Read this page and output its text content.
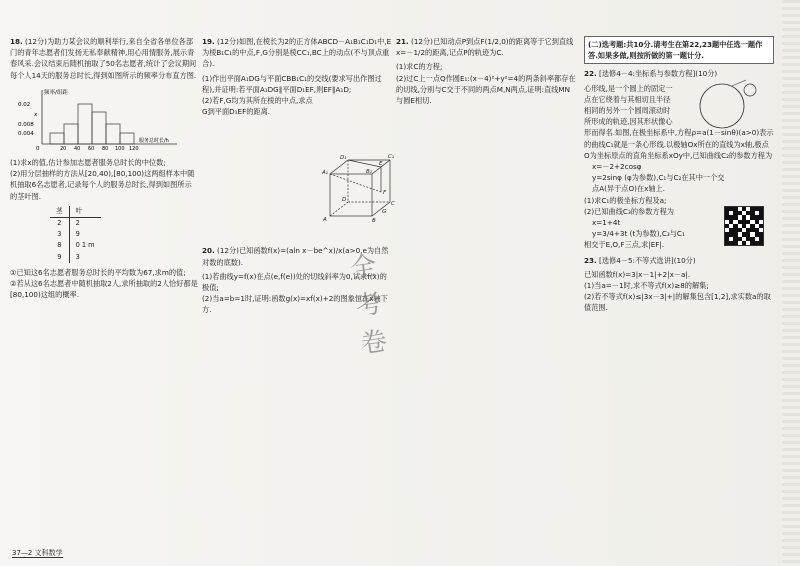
18. (12分)为助力某会议的顺利举行,来自全省各单位各部门的青年志愿者们发扬无私奉献精神,用心用情服务,展示青春风采.会议结束后随机抽取了50名志愿者,统计了会议期间每个人14天的服务总时长,得到如图所示的频率分布直方图.

频率/组距
0.02
0.008
0.004
x
0	20 40 60 80 100 120
服务总时长/h

(1)求x的值,估计参加志愿者服务总时长的中位数;

(2)用分层抽样的方法从[20,40),[80,100)这两组样本中随机抽取6名志愿者,记录每个人的服务总时长,得到如图所示的茎叶图.

茎	叶
2	2
3	9
8	0 1 m
9	3

①已知这6名志愿者服务总时长的平均数为67,求m的值;

②若从这6名志愿者中随机抽取2人,求所抽取的2人恰好都是[80,100)这组的概率.

19. (12分)如图,在棱长为2的正方体ABCD－A₁B₁C₁D₁中,E为棱B₁C₁的中点,F,G分别是棱CC₁,BC上的动点(不与顶点重合).

(1)作出平面A₁DG与平面CBB₁C₁的交线(要求写出作图过程),并证明:若平面A₁DG∥平面D₁EF,则EF∥A₁D;

(2)若F,G均为其所在棱的中点,求点G到平面D₁EF的距离.

20. (12分)已知函数f(x)=(aln x－be^x)/x(a>0,e为自然对数的底数).

(1)若曲线y=f(x)在点(e,f(e))处的切线斜率为0,试求f(x)的极值;

(2)当a=b=1时,证明:函数g(x)=xf(x)+2的图象恒在x轴下方.

D₁	C₁
A₁	B₁
D
C
A	B
E
F
G
全
考
卷

21. (12分)已知动点P到点F(1/2,0)的距离等于它到直线x=－1/2的距离,记点P的轨迹为C.

(1)求C的方程;

(2)过C上一点Q作圆E₁:(x－4)²+y²=4的两条斜率都存在的切线,分别与C交于不同的两点M,N两点,证明:直线MN与圆E相切.

(二)选考题:共10分.请考生在第22,23题中任选一题作答.如果多做,则按所做的第一题计分.

22. [选修4－4:坐标系与参数方程](10分)

心形线,是一个圆上的固定一

点在它绕着与其相切且半径

相同的另外一个圆周滚动时

所形成的轨迹,因其形状像心

形而得名.如图,在极坐标系中,方程ρ=a(1－sinθ)(a>0)表示的曲线C₁就是一条心形线.以极轴Ox所在的直线为x轴,极点O为坐标原点的直角坐标系xOy中,已知曲线C₂的参数方程为

x=－2+2cosφ
y=2sinφ (φ为参数),C₁与C₂在其中一个交点A(异于点O)在x轴上.

(1)求C₁的极坐标方程及a;

(2)已知曲线C₃的参数方程为

x=1+4t
y=3/4+3t (t为参数),C₃与C₁

相交于E,O,F三点,求|EF|.

23. [选修4－5:不等式选讲](10分)

已知函数f(x)=3|x－1|+2|x－a|.

(1)当a=－1时,求不等式f(x)≥8的解集;

(2)若不等式f(x)≤|3x－3|+|的解集包含[1,2],求实数a的取值范围.

37—2 文科数学
